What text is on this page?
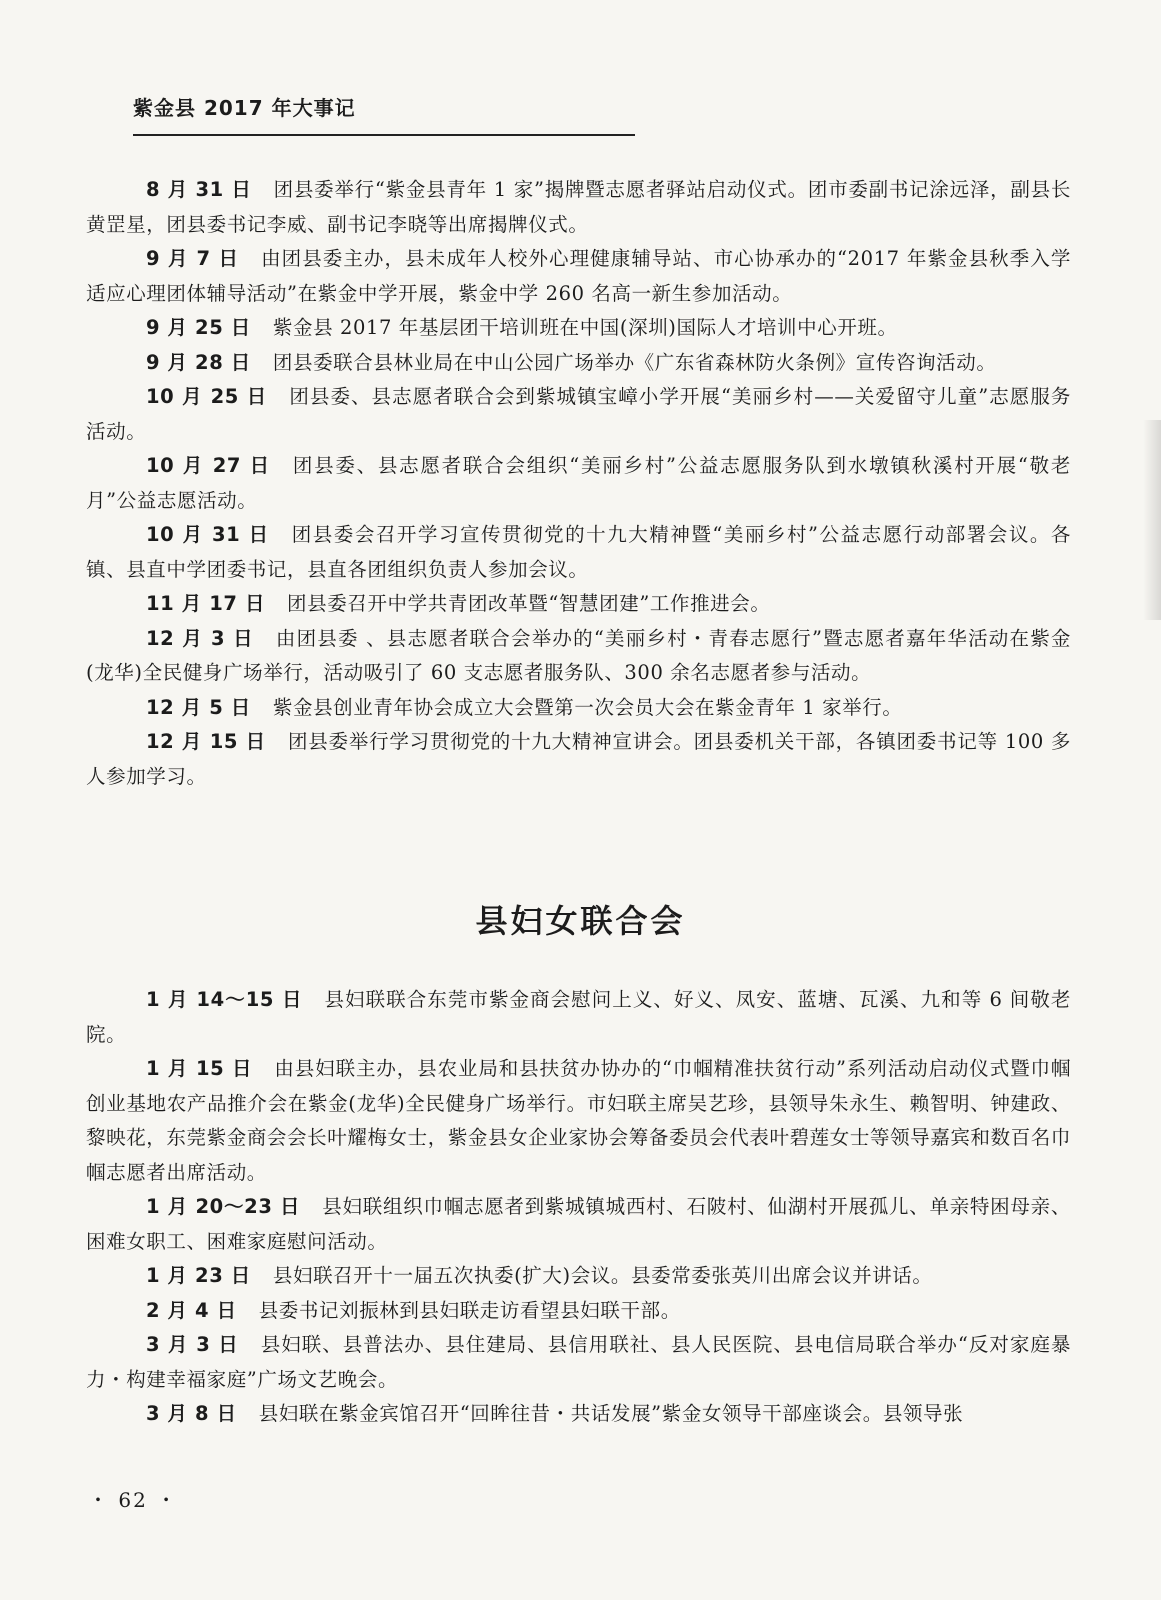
紫金县 2017 年大事记

8 月 31 日 团县委举行“紫金县青年 1 家”揭牌暨志愿者驿站启动仪式。团市委副书记涂远泽，副县长黄罡星，团县委书记李威、副书记李晓等出席揭牌仪式。

9 月 7 日 由团县委主办，县未成年人校外心理健康辅导站、市心协承办的“2017 年紫金县秋季入学适应心理团体辅导活动”在紫金中学开展，紫金中学 260 名高一新生参加活动。

9 月 25 日 紫金县 2017 年基层团干培训班在中国(深圳)国际人才培训中心开班。

9 月 28 日 团县委联合县林业局在中山公园广场举办《广东省森林防火条例》宣传咨询活动。

10 月 25 日 团县委、县志愿者联合会到紫城镇宝嶂小学开展“美丽乡村——关爱留守儿童”志愿服务活动。

10 月 27 日 团县委、县志愿者联合会组织“美丽乡村”公益志愿服务队到水墩镇秋溪村开展“敬老月”公益志愿活动。

10 月 31 日 团县委会召开学习宣传贯彻党的十九大精神暨“美丽乡村”公益志愿行动部署会议。各镇、县直中学团委书记，县直各团组织负责人参加会议。

11 月 17 日 团县委召开中学共青团改革暨“智慧团建”工作推进会。

12 月 3 日 由团县委 、县志愿者联合会举办的“美丽乡村・青春志愿行”暨志愿者嘉年华活动在紫金(龙华)全民健身广场举行，活动吸引了 60 支志愿者服务队、300 余名志愿者参与活动。

12 月 5 日 紫金县创业青年协会成立大会暨第一次会员大会在紫金青年 1 家举行。

12 月 15 日 团县委举行学习贯彻党的十九大精神宣讲会。团县委机关干部，各镇团委书记等 100 多人参加学习。

县妇女联合会

1 月 14～15 日 县妇联联合东莞市紫金商会慰问上义、好义、凤安、蓝塘、瓦溪、九和等 6 间敬老院。

1 月 15 日 由县妇联主办，县农业局和县扶贫办协办的“巾帼精准扶贫行动”系列活动启动仪式暨巾帼创业基地农产品推介会在紫金(龙华)全民健身广场举行。市妇联主席吴艺珍，县领导朱永生、赖智明、钟建政、黎映花，东莞紫金商会会长叶耀梅女士，紫金县女企业家协会筹备委员会代表叶碧莲女士等领导嘉宾和数百名巾帼志愿者出席活动。

1 月 20～23 日 县妇联组织巾帼志愿者到紫城镇城西村、石陂村、仙湖村开展孤儿、单亲特困母亲、困难女职工、困难家庭慰问活动。

1 月 23 日 县妇联召开十一届五次执委(扩大)会议。县委常委张英川出席会议并讲话。

2 月 4 日 县委书记刘振林到县妇联走访看望县妇联干部。

3 月 3 日 县妇联、县普法办、县住建局、县信用联社、县人民医院、县电信局联合举办“反对家庭暴力・构建幸福家庭”广场文艺晚会。

3 月 8 日 县妇联在紫金宾馆召开“回眸往昔・共话发展”紫金女领导干部座谈会。县领导张

・ 62 ・
